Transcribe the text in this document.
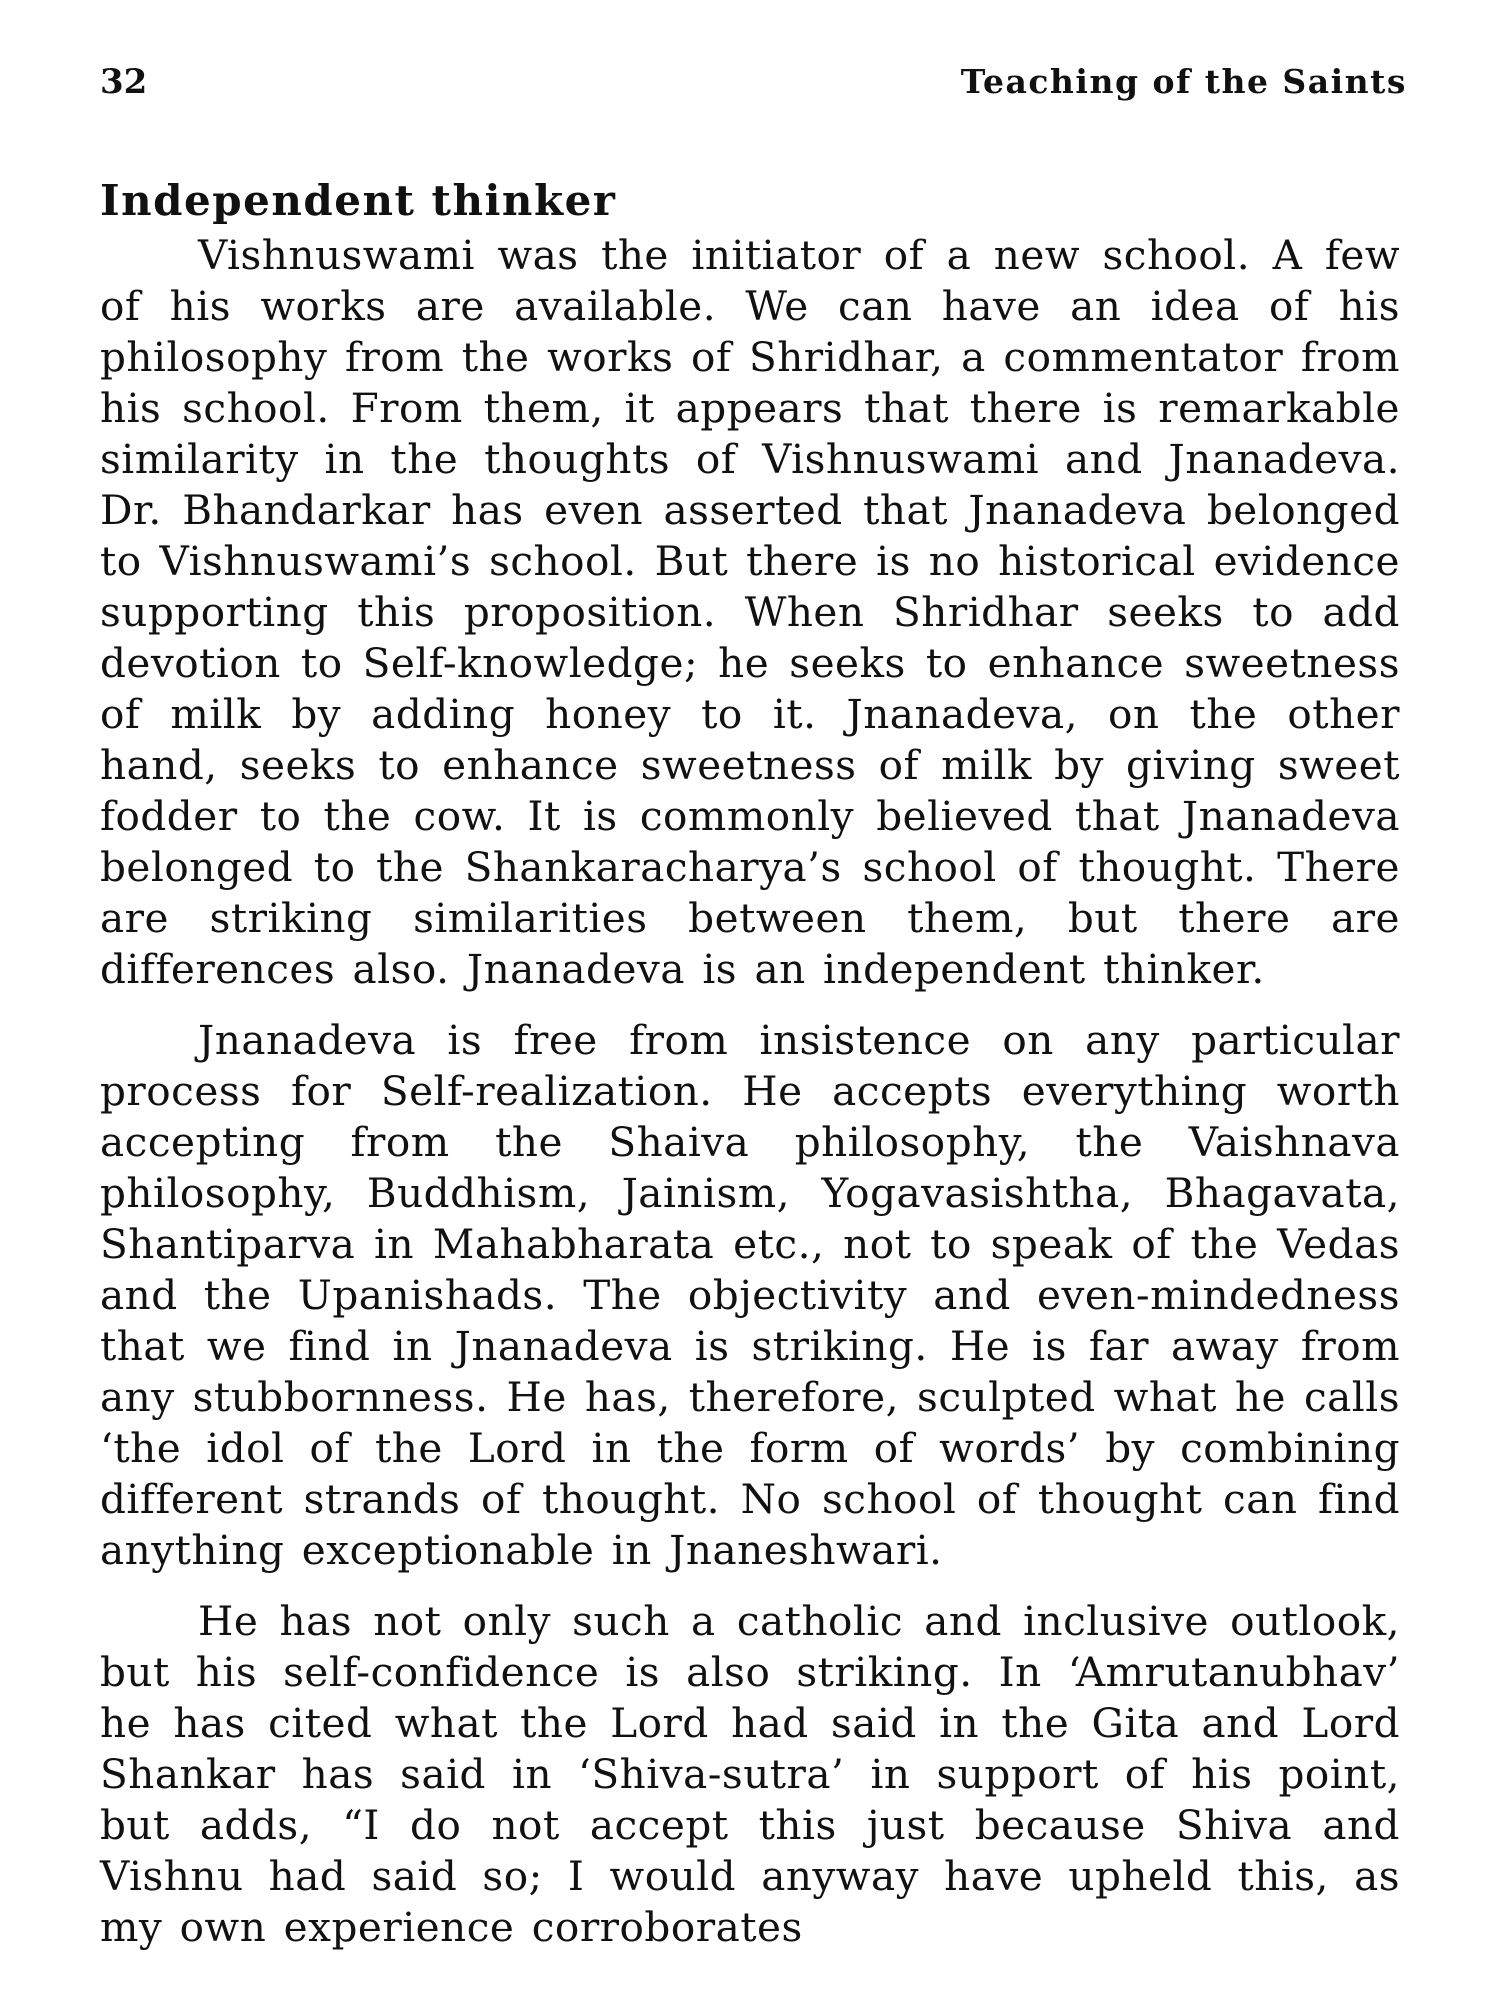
32	Teaching of the Saints
Independent thinker

Vishnuswami was the initiator of a new school. A few of his works are available. We can have an idea of his philosophy from the works of Shridhar, a commentator from his school. From them, it appears that there is remarkable similarity in the thoughts of Vishnuswami and Jnanadeva. Dr. Bhandarkar has even asserted that Jnanadeva belonged to Vishnuswami’s school. But there is no historical evidence supporting this proposition. When Shridhar seeks to add devotion to Self-knowledge; he seeks to enhance sweetness of milk by adding honey to it. Jnanadeva, on the other hand, seeks to enhance sweetness of milk by giving sweet fodder to the cow. It is commonly believed that Jnanadeva belonged to the Shankaracharya’s school of thought. There are striking similarities between them, but there are differences also. Jnanadeva is an independent thinker.

Jnanadeva is free from insistence on any particular process for Self-realization. He accepts everything worth accepting from the Shaiva philosophy, the Vaishnava philosophy, Buddhism, Jainism, Yogavasishtha, Bhagavata, Shantiparva in Mahabharata etc., not to speak of the Vedas and the Upanishads. The objectivity and even-mindedness that we find in Jnanadeva is striking. He is far away from any stubbornness. He has, therefore, sculpted what he calls ‘the idol of the Lord in the form of words’ by combining different strands of thought. No school of thought can find anything exceptionable in Jnaneshwari.

He has not only such a catholic and inclusive outlook, but his self-confidence is also striking. In ‘Amrutanubhav’ he has cited what the Lord had said in the Gita and Lord Shankar has said in ‘Shiva-sutra’ in support of his point, but adds, “I do not accept this just because Shiva and Vishnu had said so; I would anyway have upheld this, as my own experience corroborates
